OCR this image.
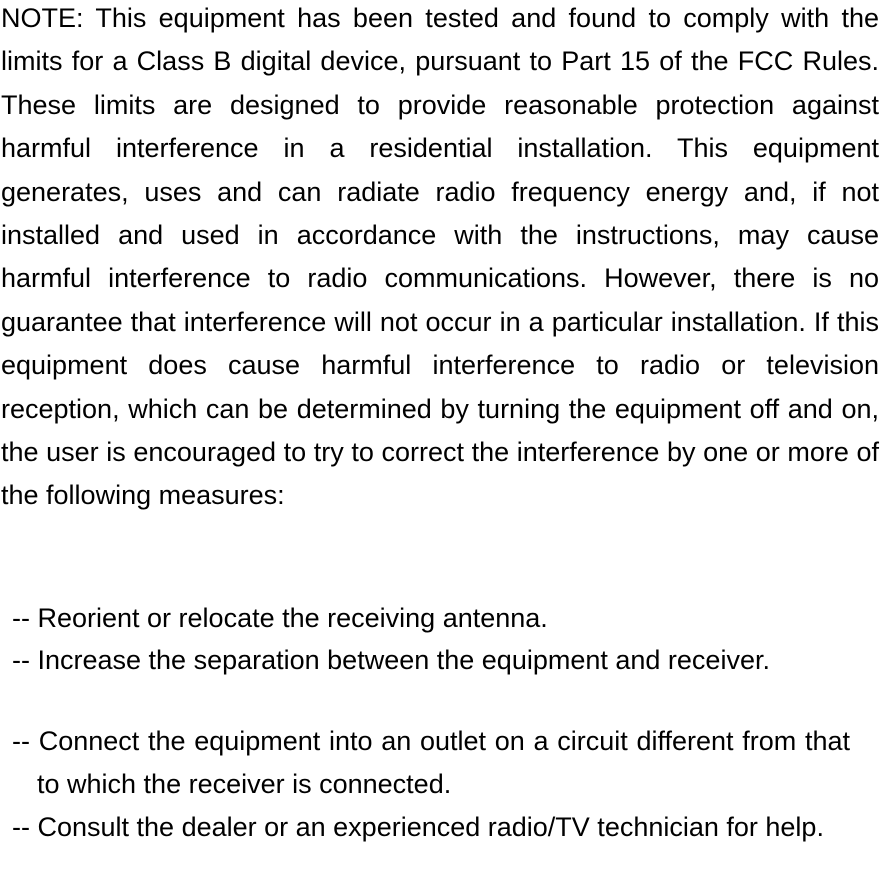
NOTE: This equipment has been tested and found to comply with the limits for a Class B digital device, pursuant to Part 15 of the FCC Rules. These limits are designed to provide reasonable protection against harmful interference in a residential installation. This equipment generates, uses and can radiate radio frequency energy and, if not installed and used in accordance with the instructions, may cause harmful interference to radio communications. However, there is no guarantee that interference will not occur in a particular installation. If this equipment does cause harmful interference to radio or television reception, which can be determined by turning the equipment off and on, the user is encouraged to try to correct the interference by one or more of the following measures:

-- Reorient or relocate the receiving antenna.

-- Increase the separation between the equipment and receiver.

-- Connect the equipment into an outlet on a circuit different from that to which the receiver is connected.

-- Consult the dealer or an experienced radio/TV technician for help.
